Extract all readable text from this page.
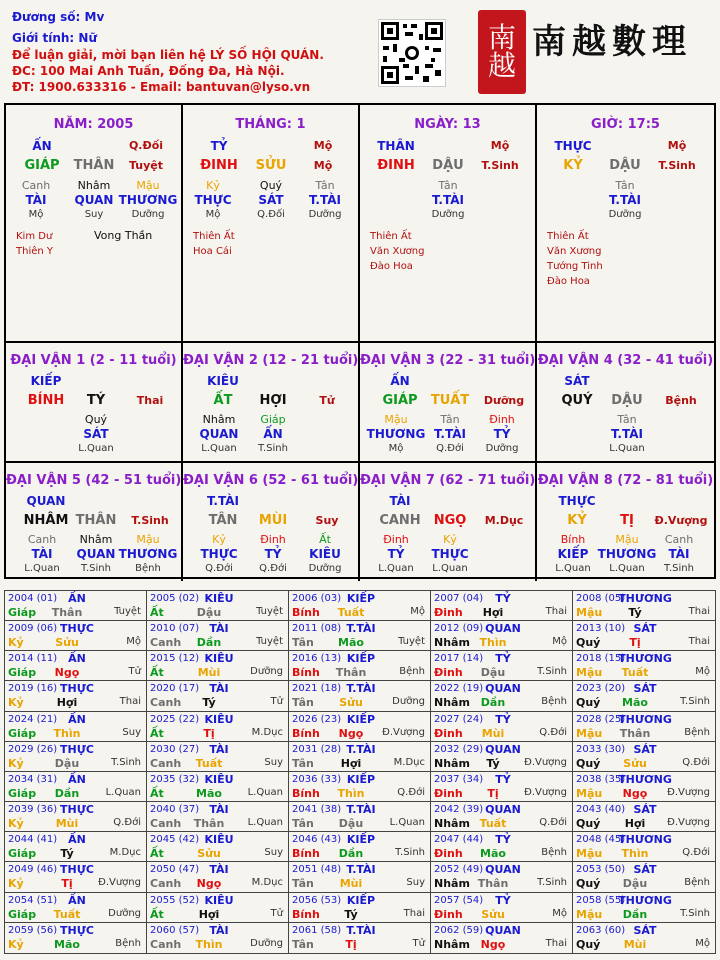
Đương số: Mv
Giới tính: Nữ
Để luận giải, mời bạn liên hệ LÝ SỐ HỘI QUÁN.
ĐC: 100 Mai Anh Tuấn, Đống Đa, Hà Nội.
ĐT: 1900.633316 - Email: bantuvan@lyso.vn
南
越
南越數理
NĂM: 2005
ẤN	Q.Đối
GIÁP THÂN Tuyệt
Canh
TÀI
Mộ
Nhâm
QUAN
Suy
Mậu
THƯƠNG
Dưỡng
Kim Dư
Thiên Y
Vong Thần
THÁNG: 1
TỶ	Mộ
ĐINH SỬU Mộ
Kỷ
THỰC
Mộ
Quý
SÁT
Q.Đối
Tân
T.TÀI
Dưỡng
Thiên Ất
Hoa Cái
NGÀY: 13
THÂN	Mộ
ĐINH DẬU T.Sinh
Tân
T.TÀI
Dưỡng
Thiên Ất
Văn Xương
Đào Hoa
GIỜ: 17:5
THỰC	Mộ
KỶ DẬU T.Sinh
Tân
T.TÀI
Dưỡng
Thiên Ất
Văn Xương
Tướng Tinh
Đào Hoa
ĐẠI VẬN 1 (2 - 11 tuổi)
KIẾP
BÍNH TÝ	Thai
Quý
SÁT
L.Quan
ĐẠI VẬN 2 (12 - 21 tuổi)
KIÊU
ẤT HỢI	Tử
Nhâm
QUAN
L.Quan
Giáp
ẤN
T.Sinh
ĐẠI VẬN 3 (22 - 31 tuổi)
ẤN
GIÁP TUẤT Dưỡng
Mậu
THƯƠNG
Mộ
Tân
T.TÀI
Q.Đới
Đinh
TỶ
Dưỡng
ĐẠI VẬN 4 (32 - 41 tuổi)
SÁT
QUÝ DẬU Bệnh
Tân
T.TÀI
L.Quan
ĐẠI VẬN 5 (42 - 51 tuổi)
QUAN
NHÂM THÂN T.Sinh
Canh
TÀI
L.Quan
Nhâm
QUAN
T.Sinh
Mậu
THƯƠNG
Bệnh
ĐẠI VẬN 6 (52 - 61 tuổi)
T.TÀI
TÂN MÙI	Suy
Kỷ
THỰC
Q.Đới
Đinh
TỶ
Q.Đới
Ất
KIÊU
Dưỡng
ĐẠI VẬN 7 (62 - 71 tuổi)
TÀI
CANH NGỌ M.Dục
Đinh
TỶ
L.Quan
Kỷ
THỰC
L.Quan
ĐẠI VẬN 8 (72 - 81 tuổi)
THỰC
KỶ	TỊ Đ.Vượng
Bính
KIẾP
L.Quan
Mậu
THƯƠNG
L.Quan
Canh
TÀI
T.Sinh
2004 (01) ẤN
Giáp Thân	Tuyệt
2005 (02) KIÊU
Ất	Dậu	Tuyệt
2006 (03) KIẾP
Bính Tuất	Mộ
2007 (04) TỶ
Đinh Hợi	Thai
2008 (05)
THƯƠNG
Mậu Tý	Thai
2009 (06) THỰC
Kỷ	Sửu	Mộ
2010 (07) TÀI
Canh Dần	Tuyệt
2011 (08) T.TÀI
Tân Mão	Tuyệt
2012 (09) QUAN
Nhâm Thìn	Mộ
2013 (10) SÁT
Quý	Tị	Thai
2014 (11) ẤN
Giáp Ngọ	Tử
2015 (12) KIÊU
Ất	Mùi	Dưỡng
2016 (13) KIẾP
Bính Thân	Bệnh
2017 (14) TỶ
Đinh Dậu	T.Sinh
2018 (15)
THƯƠNG
Mậu Tuất	Mộ
2019 (16) THỰC
Kỷ	Hợi	Thai
2020 (17) TÀI
Canh Tý	Tử
2021 (18) T.TÀI
Tân Sửu	Dưỡng
2022 (19) QUAN
Nhâm Dần	Bệnh
2023 (20) SÁT
Quý Mão	T.Sinh
2024 (21) ẤN
Giáp Thìn	Suy
2025 (22) KIÊU
Ất	Tị	M.Dục
2026 (23) KIẾP
Bính Ngọ Đ.Vượng
2027 (24) TỶ
Đinh Mùi	Q.Đới
2028 (25)
THƯƠNG
Mậu Thân	Bệnh
2029 (26) THỰC
Kỷ	Dậu	T.Sinh
2030 (27) TÀI
Canh Tuất	Suy
2031 (28) T.TÀI
Tân Hợi	M.Dục
2032 (29) QUAN
Nhâm Tý Đ.Vượng
2033 (30) SÁT
Quý Sửu	Q.Đới
2034 (31) ẤN
Giáp Dần	L.Quan
2035 (32) KIÊU
Ất	Mão	L.Quan
2036 (33) KIẾP
Bính Thìn	Q.Đới
2037 (34) TỶ
Đinh Tị	Đ.Vượng
2038 (35)
THƯƠNG
Mậu Ngọ Đ.Vượng
2039 (36) THỰC
Kỷ	Mùi	Q.Đới
2040 (37) TÀI
Canh Thân L.Quan
2041 (38) T.TÀI
Tân Dậu	L.Quan
2042 (39) QUAN
Nhâm Tuất	Q.Đới
2043 (40) SÁT
Quý Hợi Đ.Vượng
2044 (41) ẤN
Giáp Tý	M.Dục
2045 (42) KIÊU
Ất	Sửu	Suy
2046 (43) KIẾP
Bính Dần	T.Sinh
2047 (44) TỶ
Đinh Mão	Bệnh
2048 (45)
THƯƠNG
Mậu Thìn	Q.Đới
2049 (46) THỰC
Kỷ	Tị	Đ.Vượng
2050 (47) TÀI
Canh Ngọ	M.Dục
2051 (48) T.TÀI
Tân Mùi	Suy
2052 (49) QUAN
Nhâm Thân	T.Sinh
2053 (50) SÁT
Quý Dậu	Bệnh
2054 (51) ẤN
Giáp Tuất	Dưỡng
2055 (52) KIÊU
Ất	Hợi	Tử
2056 (53) KIẾP
Bính Tý	Thai
2057 (54) TỶ
Đinh Sửu	Mộ
2058 (55)
THƯƠNG
Mậu Dần	T.Sinh
2059 (56) THỰC
Kỷ	Mão	Bệnh
2060 (57) TÀI
Canh Thìn	Dưỡng
2061 (58) T.TÀI
Tân	Tị	Tử
2062 (59) QUAN
Nhâm Ngọ	Thai
2063 (60) SÁT
Quý Mùi	Mộ
